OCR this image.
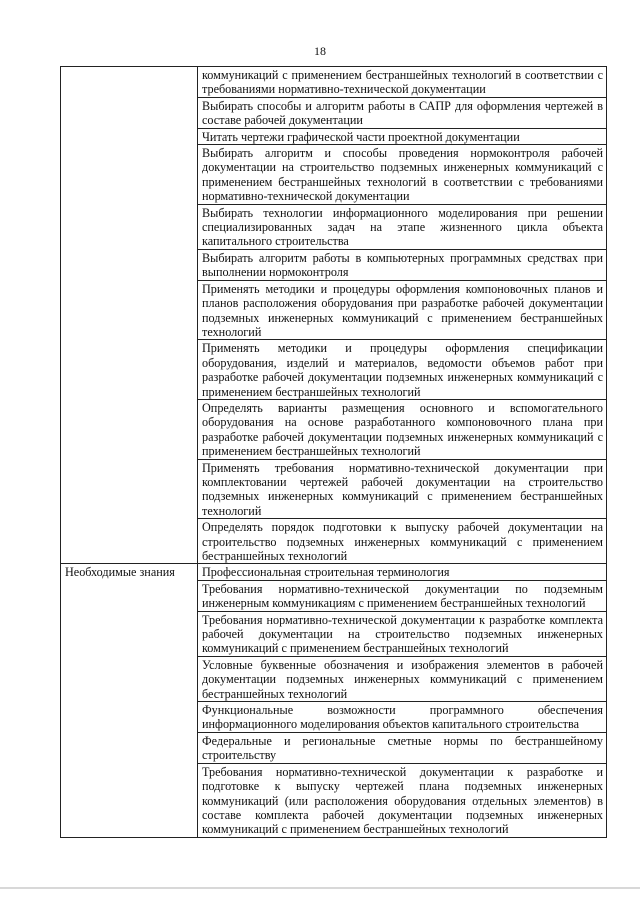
18
	коммуникаций с применением бестраншейных технологий в соответствии с требованиями нормативно-технической документации
	Выбирать способы и алгоритм работы в САПР для оформления чертежей в составе рабочей документации
	Читать чертежи графической части проектной документации
	Выбирать алгоритм и способы проведения нормоконтроля рабочей документации на строительство подземных инженерных коммуникаций с применением бестраншейных технологий в соответствии с требованиями нормативно-технической документации
	Выбирать технологии информационного моделирования при решении специализированных задач на этапе жизненного цикла объекта капитального строительства
	Выбирать алгоритм работы в компьютерных программных средствах при выполнении нормоконтроля
	Применять методики и процедуры оформления компоновочных планов и планов расположения оборудования при разработке рабочей документации подземных инженерных коммуникаций с применением бестраншейных технологий
	Применять методики и процедуры оформления спецификации оборудования, изделий и материалов, ведомости объемов работ при разработке рабочей документации подземных инженерных коммуникаций с применением бестраншейных технологий
	Определять варианты размещения основного и вспомогательного оборудования на основе разработанного компоновочного плана при разработке рабочей документации подземных инженерных коммуникаций с применением бестраншейных технологий
	Применять требования нормативно-технической документации при комплектовании чертежей рабочей документации на строительство подземных инженерных коммуникаций с применением бестраншейных технологий
	Определять порядок подготовки к выпуску рабочей документации на строительство подземных инженерных коммуникаций с применением бестраншейных технологий
Необходимые знания	Профессиональная строительная терминология
	Требования нормативно-технической документации по подземным инженерным коммуникациям с применением бестраншейных технологий
	Требования нормативно-технической документации к разработке комплекта рабочей документации на строительство подземных инженерных коммуникаций с применением бестраншейных технологий
	Условные буквенные обозначения и изображения элементов в рабочей документации подземных инженерных коммуникаций с применением бестраншейных технологий
	Функциональные возможности программного обеспечения информационного моделирования объектов капитального строительства
	Федеральные и региональные сметные нормы по бестраншейному строительству
	Требования нормативно-технической документации к разработке и подготовке к выпуску чертежей плана подземных инженерных коммуникаций (или расположения оборудования отдельных элементов) в составе комплекта рабочей документации подземных инженерных коммуникаций с применением бестраншейных технологий
